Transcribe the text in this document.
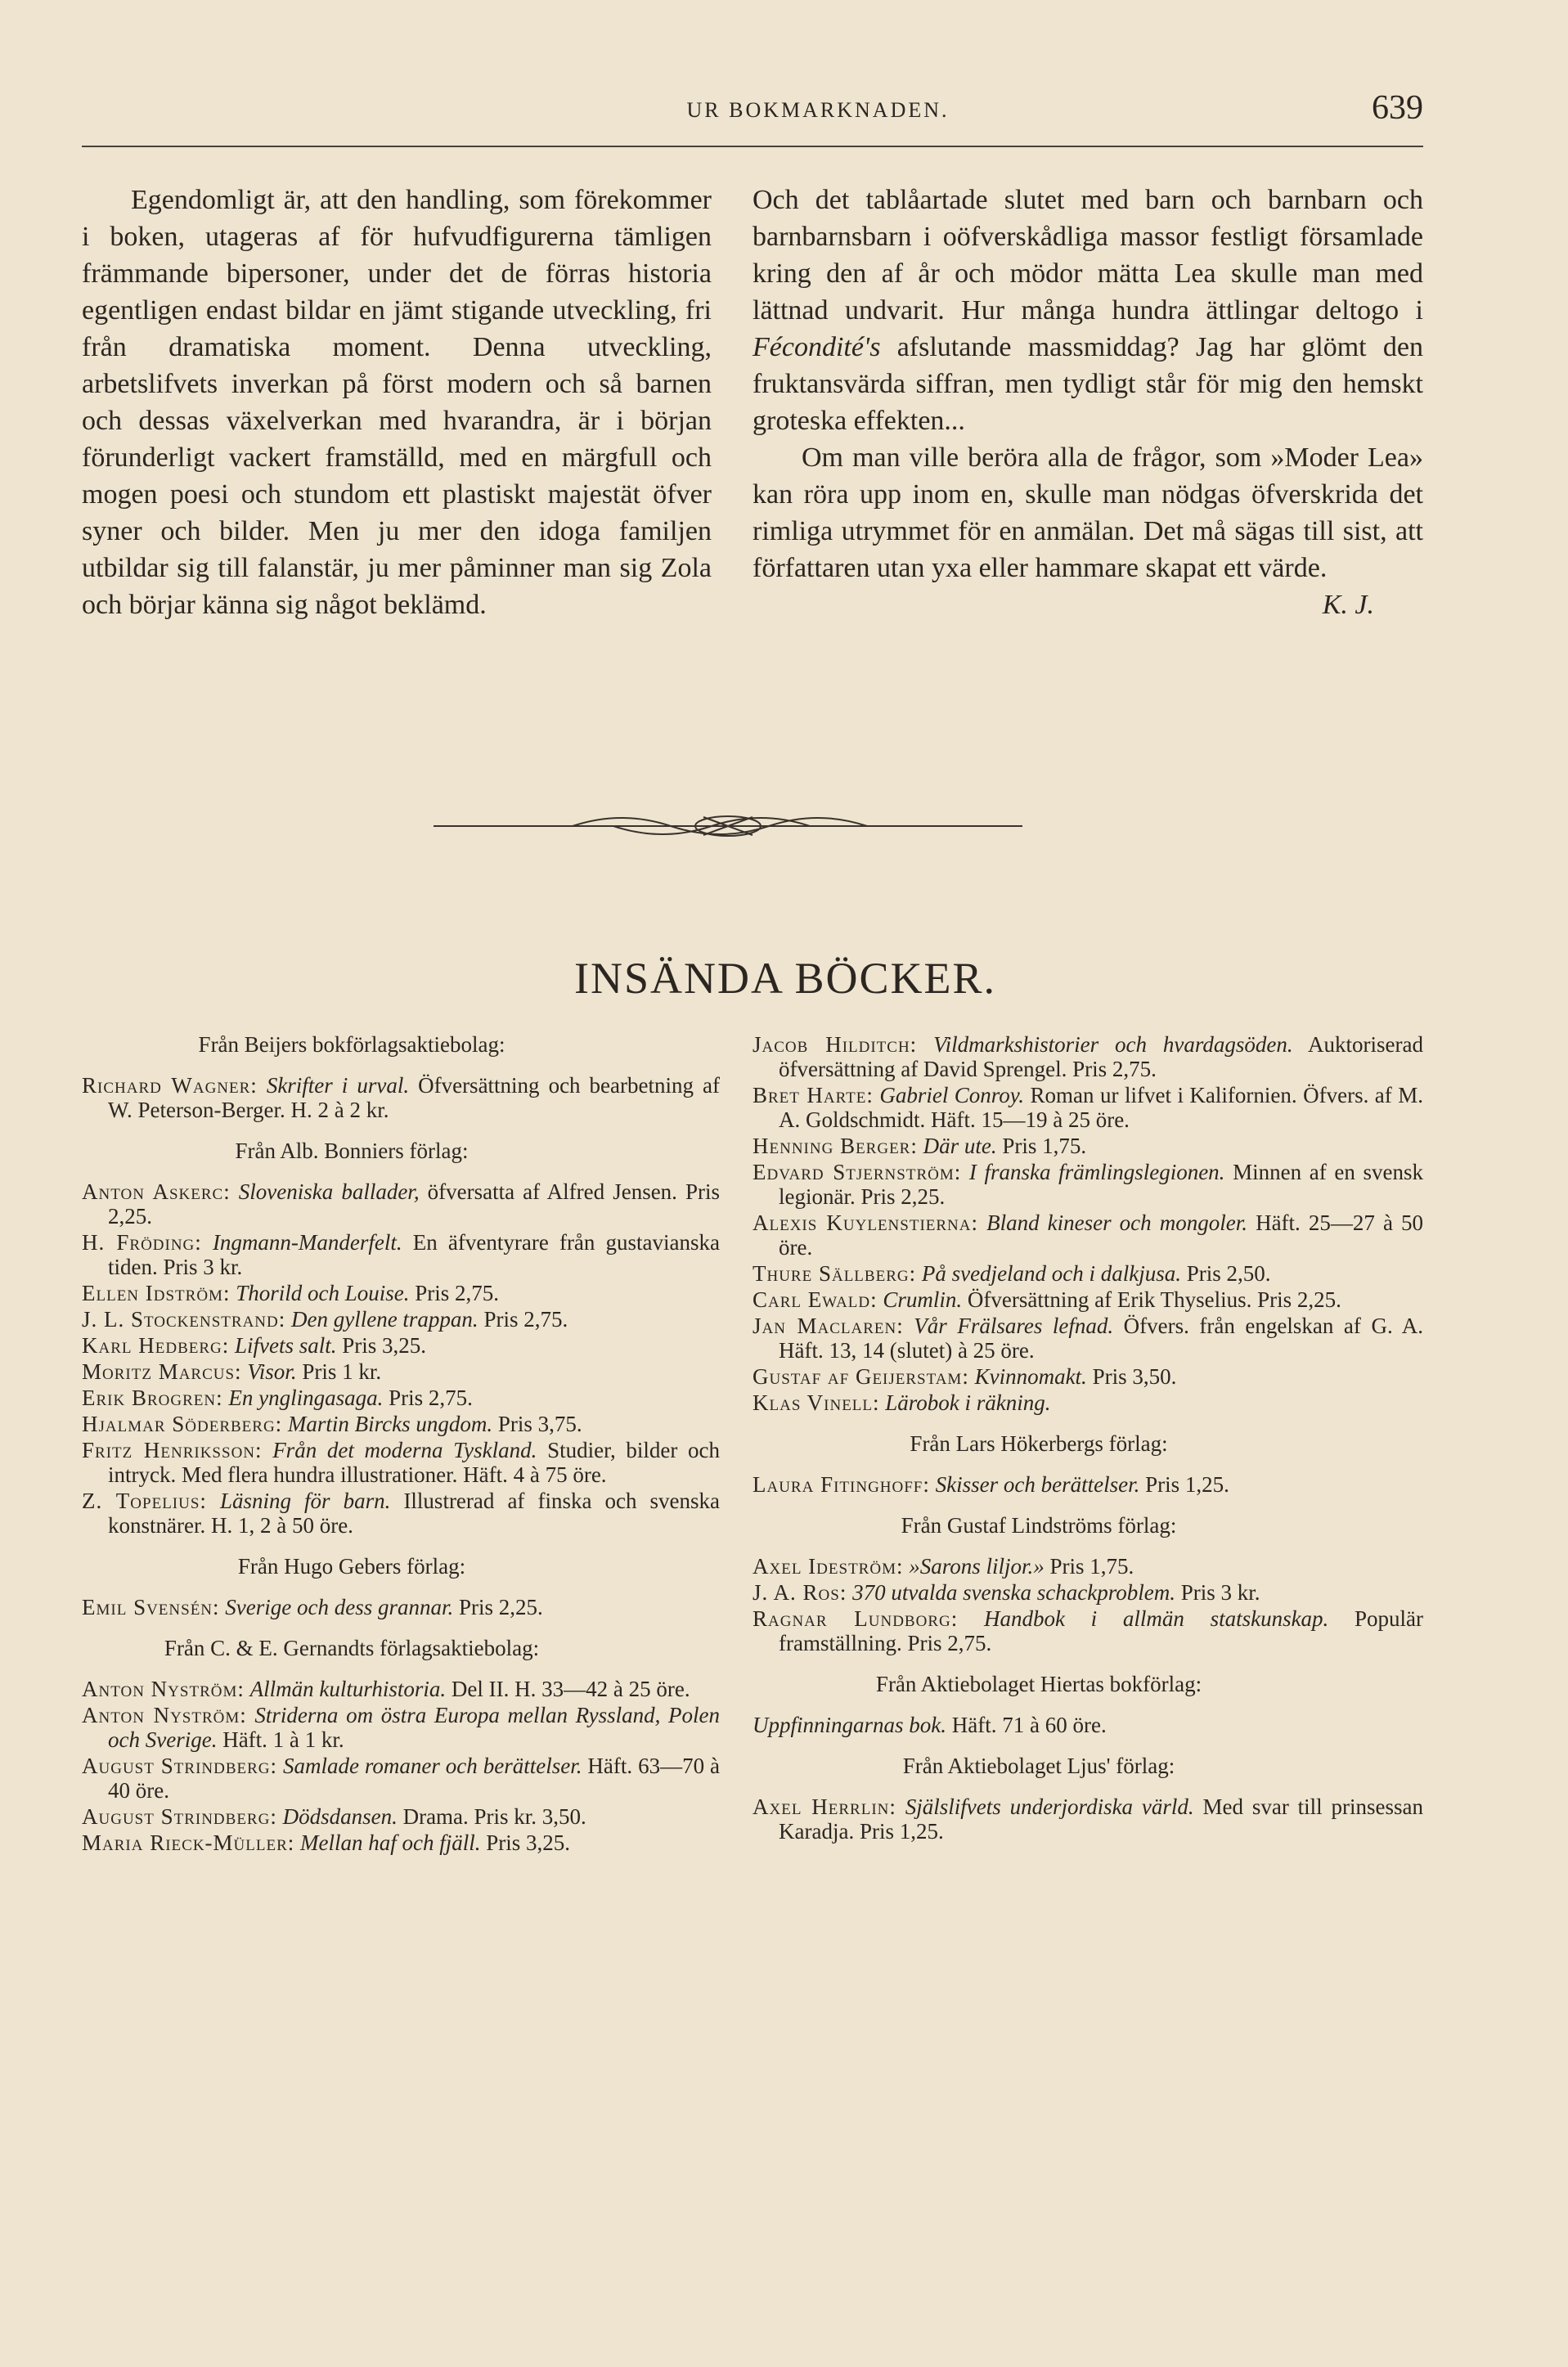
UR BOKMARKNADEN.	639

Egendomligt är, att den handling, som förekommer i boken, utageras af för hufvudfigurerna tämligen främmande bipersoner, under det de förras historia egentligen endast bildar en jämt stigande utveckling, fri från dramatiska moment. Denna utveckling, arbetslifvets inverkan på först modern och så barnen och dessas växelverkan med hvarandra, är i början förunderligt vackert framställd, med en märgfull och mogen poesi och stundom ett plastiskt majestät öfver syner och bilder. Men ju mer den idoga familjen utbildar sig till falanstär, ju mer påminner man sig Zola och börjar känna sig något beklämd.

Och det tablåartade slutet med barn och barnbarn och barnbarnsbarn i oöfverskådliga massor festligt församlade kring den af år och mödor mätta Lea skulle man med lättnad undvarit. Hur många hundra ättlingar deltogo i Fécondité's afslutande massmiddag? Jag har glömt den fruktansvärda siffran, men tydligt står för mig den hemskt groteska effekten...

Om man ville beröra alla de frågor, som »Moder Lea» kan röra upp inom en, skulle man nödgas öfverskrida det rimliga utrymmet för en anmälan. Det må sägas till sist, att författaren utan yxa eller hammare skapat ett värde.
K. J.

INSÄNDA BÖCKER.
Från Beijers bokförlagsaktiebolag:
Richard Wagner: Skrifter i urval. Öfversättning och bearbetning af W. Peterson-Berger. H. 2 à 2 kr.
Från Alb. Bonniers förlag:
Anton Askerc: Sloveniska ballader, öfversatta af Alfred Jensen. Pris 2,25.
H. Fröding: Ingmann-Manderfelt. En äfventyrare från gustavianska tiden. Pris 3 kr.
Ellen Idström: Thorild och Louise. Pris 2,75.
J. L. Stockenstrand: Den gyllene trappan. Pris 2,75.
Karl Hedberg: Lifvets salt. Pris 3,25.
Moritz Marcus: Visor. Pris 1 kr.
Erik Brogren: En ynglingasaga. Pris 2,75.
Hjalmar Söderberg: Martin Bircks ungdom. Pris 3,75.
Fritz Henriksson: Från det moderna Tyskland. Studier, bilder och intryck. Med flera hundra illustrationer. Häft. 4 à 75 öre.
Z. Topelius: Läsning för barn. Illustrerad af finska och svenska konstnärer. H. 1, 2 à 50 öre.
Från Hugo Gebers förlag:
Emil Svensén: Sverige och dess grannar. Pris 2,25.
Från C. & E. Gernandts förlagsaktiebolag:
Anton Nyström: Allmän kulturhistoria. Del II. H. 33—42 à 25 öre.
Anton Nyström: Striderna om östra Europa mellan Ryssland, Polen och Sverige. Häft. 1 à 1 kr.
August Strindberg: Samlade romaner och berättelser. Häft. 63—70 à 40 öre.
August Strindberg: Dödsdansen. Drama. Pris kr. 3,50.
Maria Rieck-Müller: Mellan haf och fjäll. Pris 3,25.
Jacob Hilditch: Vildmarkshistorier och hvardagsöden. Auktoriserad öfversättning af David Sprengel. Pris 2,75.
Bret Harte: Gabriel Conroy. Roman ur lifvet i Kalifornien. Öfvers. af M. A. Goldschmidt. Häft. 15—19 à 25 öre.
Henning Berger: Där ute. Pris 1,75.
Edvard Stjernström: I franska främlingslegionen. Minnen af en svensk legionär. Pris 2,25.
Alexis Kuylenstierna: Bland kineser och mongoler. Häft. 25—27 à 50 öre.
Thure Sällberg: På svedjeland och i dalkjusa. Pris 2,50.
Carl Ewald: Crumlin. Öfversättning af Erik Thyselius. Pris 2,25.
Jan Maclaren: Vår Frälsares lefnad. Öfvers. från engelskan af G. A. Häft. 13, 14 (slutet) à 25 öre.
Gustaf af Geijerstam: Kvinnomakt. Pris 3,50.
Klas Vinell: Lärobok i räkning.
Från Lars Hökerbergs förlag:
Laura Fitinghoff: Skisser och berättelser. Pris 1,25.
Från Gustaf Lindströms förlag:
Axel Ideström: »Sarons liljor.» Pris 1,75.
J. A. Ros: 370 utvalda svenska schackproblem. Pris 3 kr.
Ragnar Lundborg: Handbok i allmän statskunskap. Populär framställning. Pris 2,75.
Från Aktiebolaget Hiertas bokförlag:
Uppfinningarnas bok. Häft. 71 à 60 öre.
Från Aktiebolaget Ljus' förlag:
Axel Herrlin: Själslifvets underjordiska värld. Med svar till prinsessan Karadja. Pris 1,25.
